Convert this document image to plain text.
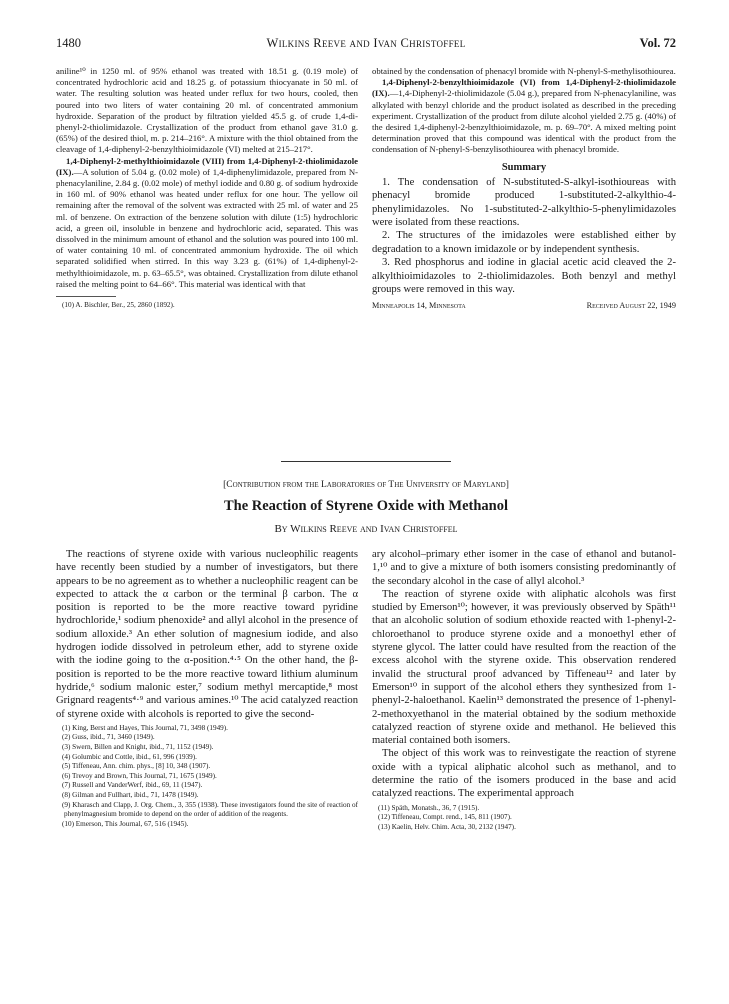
1480	Wilkins Reeve and Ivan Christoffel	Vol. 72

aniline¹⁰ in 1250 ml. of 95% ethanol was treated with 18.51 g. (0.19 mole) of concentrated hydrochloric acid and 18.25 g. of potassium thiocyanate in 50 ml. of water. The resulting solution was heated under reflux for two hours, cooled, then poured into two liters of water containing 20 ml. of concentrated ammonium hydroxide. Separation of the product by filtration yielded 45.5 g. of crude 1,4-di-phenyl-2-thiolimidazole. Crystallization of the product from ethanol gave 31.0 g. (65%) of the desired thiol, m. p. 214–216°. A mixture with the thiol obtained from the cleavage of 1,4-diphenyl-2-benzylthioimidazole (VI) melted at 215–217°.

1,4-Diphenyl-2-methylthioimidazole (VIII) from 1,4-Diphenyl-2-thiolimidazole (IX).—A solution of 5.04 g. (0.02 mole) of 1,4-diphenylimidazole, prepared from N-phenacylaniline, 2.84 g. (0.02 mole) of methyl iodide and 0.80 g. of sodium hydroxide in 160 ml. of 90% ethanol was heated under reflux for one hour. The yellow oil remaining after the removal of the solvent was extracted with 25 ml. of water and 25 ml. of benzene. On extraction of the benzene solution with dilute (1:5) hydrochloric acid, a green oil, insoluble in benzene and hydrochloric acid, separated. This was dissolved in the minimum amount of ethanol and the solution was poured into 100 ml. of water containing 10 ml. of concentrated ammonium hydroxide. The oil which separated solidified when stirred. In this way 3.23 g. (61%) of 1,4-diphenyl-2-methylthioimidazole, m. p. 63–65.5°, was obtained. Crystallization from dilute ethanol raised the melting point to 64–66°. This material was identical with that

(10) A. Bischler, Ber., 25, 2860 (1892).

obtained by the condensation of phenacyl bromide with N-phenyl-S-methylisothiourea.

1,4-Diphenyl-2-benzylthioimidazole (VI) from 1,4-Diphenyl-2-thiolimidazole (IX).—1,4-Diphenyl-2-thiolimidazole (5.04 g.), prepared from N-phenacylaniline, was alkylated with benzyl chloride and the product isolated as described in the preceding experiment. Crystallization of the product from dilute alcohol yielded 2.75 g. (40%) of the desired 1,4-diphenyl-2-benzylthioimidazole, m. p. 69–70°. A mixed melting point determination proved that this compound was identical with the product from the condensation of N-phenyl-S-benzylisothiourea with phenacyl bromide.

Summary

1. The condensation of N-substituted-S-alkyl-isothioureas with phenacyl bromide produced 1-substituted-2-alkylthio-4-phenylimidazoles. No 1-substituted-2-alkylthio-5-phenylimidazoles were isolated from these reactions.

2. The structures of the imidazoles were established either by degradation to a known imidazole or by independent synthesis.

3. Red phosphorus and iodine in glacial acetic acid cleaved the 2-alkylthioimidazoles to 2-thiolimidazoles. Both benzyl and methyl groups were removed in this way.

Minneapolis 14, Minnesota	Received August 22, 1949
[Contribution from the Laboratories of The University of Maryland]
The Reaction of Styrene Oxide with Methanol
By Wilkins Reeve and Ivan Christoffel

The reactions of styrene oxide with various nucleophilic reagents have recently been studied by a number of investigators, but there appears to be no agreement as to whether a nucleophilic reagent can be expected to attack the α carbon or the terminal β carbon. The α position is reported to be the more reactive toward pyridine hydrochloride,¹ sodium phenoxide² and allyl alcohol in the presence of sodium alloxide.³ An ether solution of magnesium iodide, and also hydrogen iodide dissolved in petroleum ether, add to styrene oxide with the iodine going to the α-position.⁴·⁵ On the other hand, the β-position is reported to be the more reactive toward lithium aluminum hydride,⁶ sodium malonic ester,⁷ sodium methyl mercaptide,⁸ most Grignard reagents⁴·⁹ and various amines.¹⁰ The acid catalyzed reaction of styrene oxide with alcohols is reported to give the second-

(1) King, Berst and Hayes, This Journal, 71, 3498 (1949).

(2) Guss, ibid., 71, 3460 (1949).

(3) Swern, Billen and Knight, ibid., 71, 1152 (1949).

(4) Golumbic and Cottle, ibid., 61, 996 (1939).

(5) Tiffeneau, Ann. chim. phys., [8] 10, 348 (1907).

(6) Trevoy and Brown, This Journal, 71, 1675 (1949).

(7) Russell and VanderWerf, ibid., 69, 11 (1947).

(8) Gilman and Fullhart, ibid., 71, 1478 (1949).

(9) Kharasch and Clapp, J. Org. Chem., 3, 355 (1938). These investigators found the site of reaction of phenylmagnesium bromide to depend on the order of addition of the reagents.

(10) Emerson, This Journal, 67, 516 (1945).

ary alcohol–primary ether isomer in the case of ethanol and butanol-1,¹⁰ and to give a mixture of both isomers consisting predominantly of the secondary alcohol in the case of allyl alcohol.³

The reaction of styrene oxide with aliphatic alcohols was first studied by Emerson¹⁰; however, it was previously observed by Späth¹¹ that an alcoholic solution of sodium ethoxide reacted with 1-phenyl-2-chloroethanol to produce styrene oxide and a monoethyl ether of styrene glycol. The latter could have resulted from the reaction of the excess alcohol with the styrene oxide. This observation rendered invalid the structural proof advanced by Tiffeneau¹² and later by Emerson¹⁰ in support of the alcohol ethers they synthesized from 1-phenyl-2-haloethanol. Kaelin¹³ demonstrated the presence of 1-phenyl-2-methoxyethanol in the material obtained by the sodium methoxide catalyzed reaction of styrene oxide and methanol. He believed this material contained both isomers.

The object of this work was to reinvestigate the reaction of styrene oxide with a typical aliphatic alcohol such as methanol, and to determine the ratio of the isomers produced in the base and acid catalyzed reactions. The experimental approach

(11) Späth, Monatsh., 36, 7 (1915).

(12) Tiffeneau, Compt. rend., 145, 811 (1907).

(13) Kaelin, Helv. Chim. Acta, 30, 2132 (1947).
